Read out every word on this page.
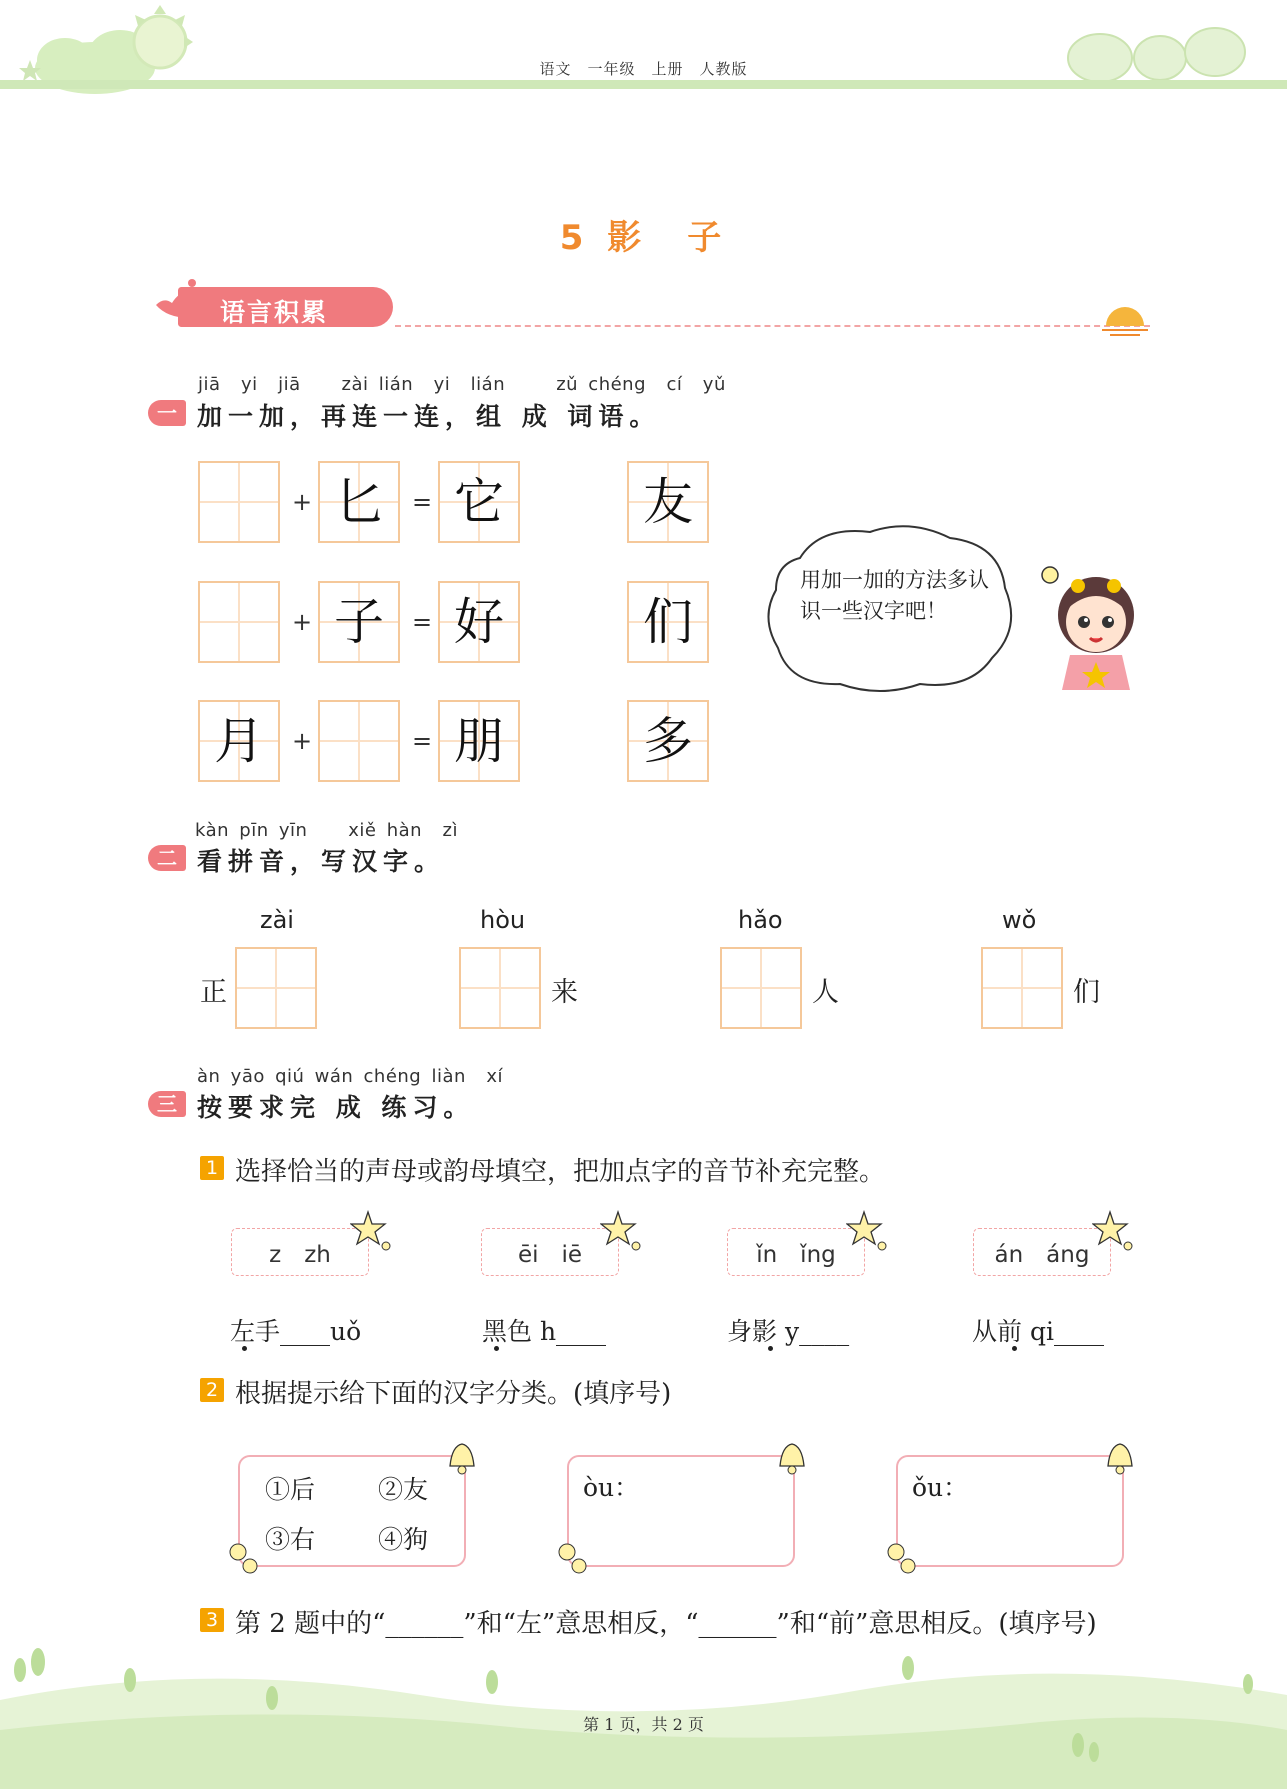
语文　一年级　上册　人教版
5 影　子
语言积累
jiā  yi  jiā    zài lián  yi  lián     zǔ chéng  cí  yǔ
一 加一加，再连一连，组 成 词语。
+ 匕 = 它	友
+ 子 = 好	们
月 +	= 朋	多
用加一加的方法多认识一些汉字吧！
kàn pīn yīn    xiě hàn  zì
二 看拼音，写汉字。
zài
正
hòu
来
hǎo
人
wǒ
们
àn yāo qiú wán chéng liàn  xí
三 按要求完 成 练习。
1 选择恰当的声母或韵母填空，把加点字的音节补充完整。
z　zh	ēi　iē	ǐn　ǐng	án　áng
左手____uǒ	黑色 h____	身影 y____	从前 qi____
2 根据提示给下面的汉字分类。(填序号)
①后	②友
③右	④狗
òu：	ǒu：
3 第 2 题中的“______”和“左”意思相反，“______”和“前”意思相反。(填序号)
第 1 页，共 2 页
